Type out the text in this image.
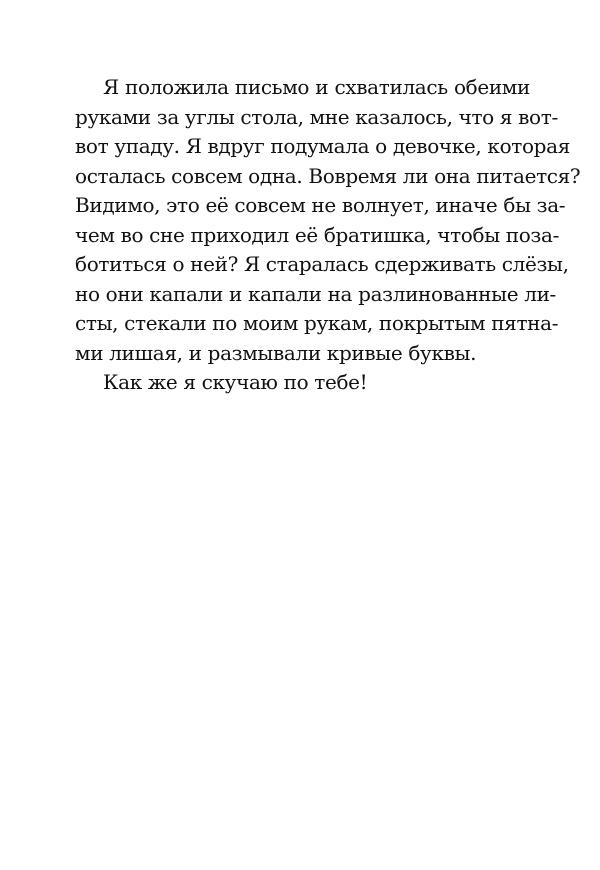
Я положила письмо и схватилась обеими
руками за углы стола, мне казалось, что я вот-
вот упаду. Я вдруг подумала о девочке, которая
осталась совсем одна. Вовремя ли она питается?
Видимо, это её совсем не волнует, иначе бы за-
чем во сне приходил её братишка, чтобы поза-
ботиться о ней? Я старалась сдерживать слёзы,
но они капали и капали на разлинованные ли-
сты, стекали по моим рукам, покрытым пятна-
ми лишая, и размывали кривые буквы.
Как же я скучаю по тебе!
